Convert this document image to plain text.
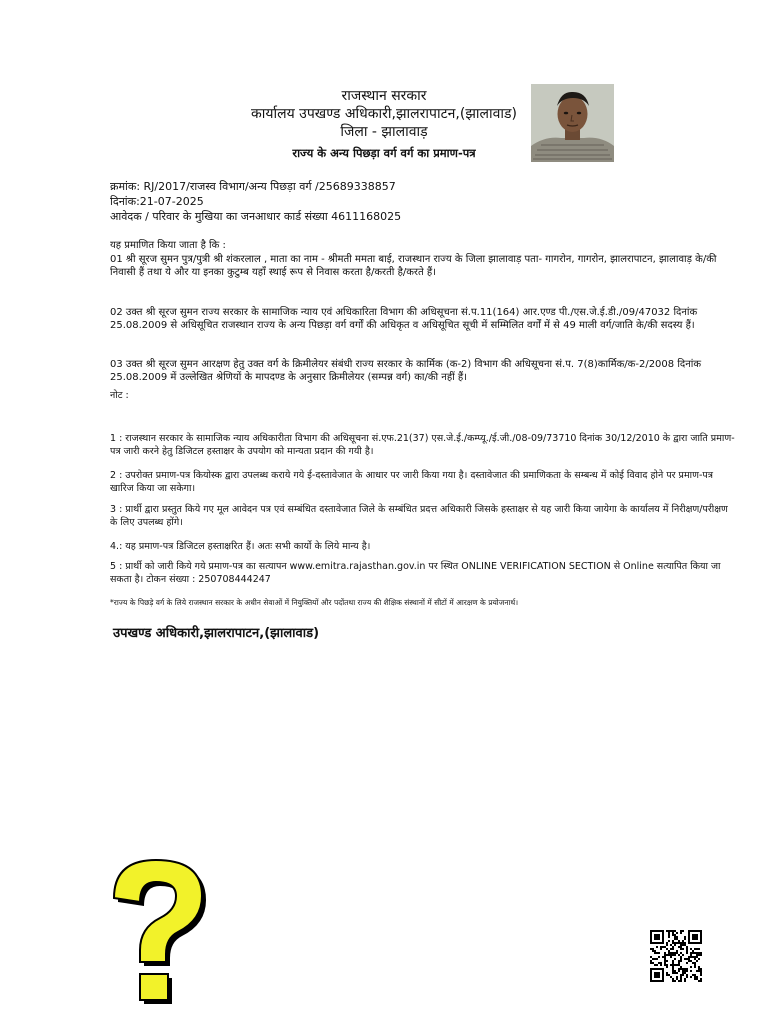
राजस्थान सरकार
कार्यालय उपखण्ड अधिकारी,झालरापाटन,(झालावाड)
जिला - झालावाड़
राज्य के अन्य पिछड़ा वर्ग वर्ग का प्रमाण-पत्र
क्रमांक: RJ/2017/राजस्व विभाग/अन्य पिछड़ा वर्ग /25689338857
दिनांक:21-07-2025
आवेदक / परिवार के मुखिया का जनआधार कार्ड संख्या 4611168025
यह प्रमाणित किया जाता है कि :
01 श्री सूरज सुमन पुत्र/पुत्री श्री शंकरलाल , माता का नाम - श्रीमती ममता बाई, राजस्थान राज्य के जिला झालावाड़ पता- गागरोन, गागरोन, झालरापाटन, झालावाड़ के/की निवासी हैं तथा ये और या इनका कुटुम्ब यहाँ स्थाई रूप से निवास करता है/करती है/करते हैं।
02 उक्त श्री सूरज सुमन राज्य सरकार के सामाजिक न्याय एवं अधिकारिता विभाग की अधिसूचना सं.प.11(164) आर.एण्ड पी./एस.जे.ई.डी./09/47032 दिनांक 25.08.2009 से अधिसूचित राजस्थान राज्य के अन्य पिछड़ा वर्ग वर्गों की अधिकृत व अधिसूचित सूची में सम्मिलित वर्गों में से 49 माली वर्ग/जाति के/की सदस्य हैं।
03 उक्त श्री सूरज सुमन आरक्षण हेतु उक्त वर्ग के क्रिमीलेयर संबंधी राज्य सरकार के कार्मिक (क-2) विभाग की अधिसूचना सं.प. 7(8)कार्मिक/क-2/2008 दिनांक 25.08.2009 में उल्लेखित श्रेणियों के मापदण्ड के अनुसार क्रिमीलेयर (सम्पन्न वर्ग) का/की नहीं हैं।
नोट :
1 : राजस्थान सरकार के सामाजिक न्याय अधिकारीता विभाग की अधिसूचना सं.एफ.21(37) एस.जे.ई./कम्प्यू./ई.जी./08-09/73710 दिनांक 30/12/2010 के द्वारा जाति प्रमाण-पत्र जारी करने हेतु डिजिटल हस्ताक्षर के उपयोग को मान्यता प्रदान की गयी है।
2 : उपरोक्त प्रमाण-पत्र कियोस्क द्वारा उपलब्ध कराये गये ई-दस्तावेजात के आधार पर जारी किया गया है। दस्तावेजात की प्रमाणिकता के सम्बन्ध में कोई विवाद होने पर प्रमाण-पत्र खारिज किया जा सकेगा।
3 : प्रार्थी द्वारा प्रस्तुत किये गए मूल आवेदन पत्र एवं सम्बंधित दस्तावेजात जिले के सम्बंधित प्रदत्त अधिकारी जिसके हस्ताक्षर से यह जारी किया जायेगा के कार्यालय में निरीक्षण/परीक्षण के लिए उपलब्ध होंगे।
4.: यह प्रमाण-पत्र डिजिटल हस्ताक्षरित हैं। अतः सभी कार्यो के लिये मान्य है।
5 : प्रार्थी को जारी किये गये प्रमाण-पत्र का सत्यापन www.emitra.rajasthan.gov.in पर स्थित ONLINE VERIFICATION SECTION से Online सत्यापित किया जा सकता है। टोकन संख्या : 250708444247
*राज्य के पिछड़े वर्ग के लिये राजस्थान सरकार के अधीन सेवाओं में नियुक्तियों और पदोंतथा राज्य की शैक्षिक संस्थानों में सीटों में आरक्षण के प्रयोजनार्थ।
उपखण्ड अधिकारी,झालरापाटन,(झालावाड)
